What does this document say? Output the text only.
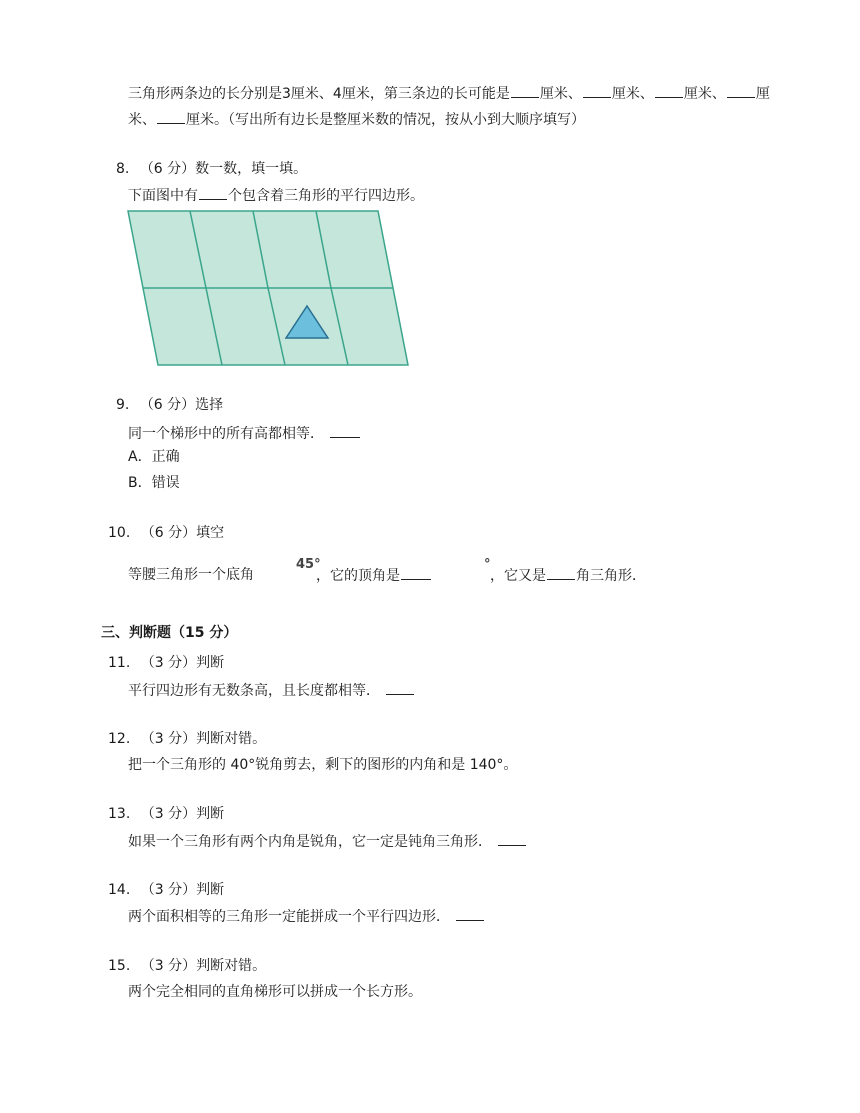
三角形两条边的长分别是3厘米、4厘米，第三条边的长可能是 厘米、 厘米、 厘米、 厘
米、 厘米。（写出所有边长是整厘米数的情况，按从小到大顺序填写）
8. （6 分）数一数，填一填。
下面图中有 个包含着三角形的平行四边形。
9. （6 分）选择
同一个梯形中的所有高都相等．
A．正确
B．错误
10. （6 分）填空
等腰三角形一个底角
45°
，它的顶角是
°
，它又是 角三角形．
三、判断题（15 分）
11. （3 分）判断
平行四边形有无数条高，且长度都相等．
12. （3 分）判断对错。
把一个三角形的 40°锐角剪去，剩下的图形的内角和是 140°。
13. （3 分）判断
如果一个三角形有两个内角是锐角，它一定是钝角三角形．
14. （3 分）判断
两个面积相等的三角形一定能拼成一个平行四边形．
15. （3 分）判断对错。
两个完全相同的直角梯形可以拼成一个长方形。
